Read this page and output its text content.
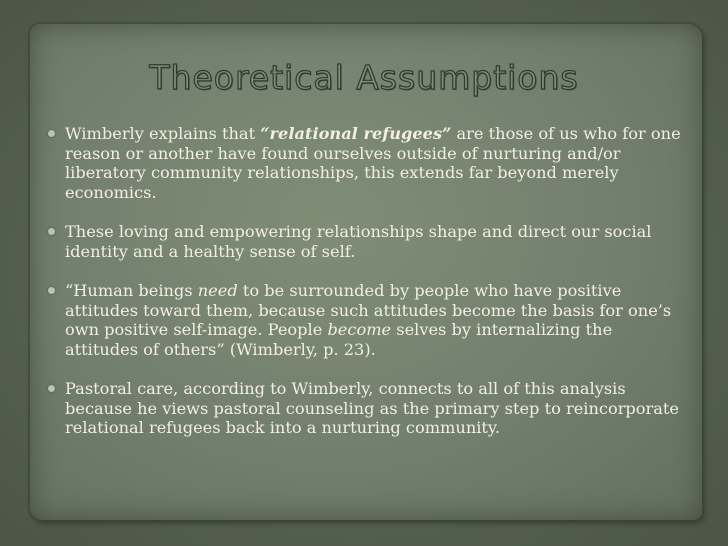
Theoretical Assumptions
Wimberly explains that “relational refugees” are those of us who for one reason or another have found ourselves outside of nurturing and/or liberatory community relationships, this extends far beyond merely economics.
These loving and empowering relationships shape and direct our social identity and a healthy sense of self.
“Human beings need to be surrounded by people who have positive attitudes toward them, because such attitudes become the basis for one’s own positive self-image. People become selves by internalizing the attitudes of others” (Wimberly, p. 23).
Pastoral care, according to Wimberly, connects to all of this analysis because he views pastoral counseling as the primary step to reincorporate relational refugees back into a nurturing community.
